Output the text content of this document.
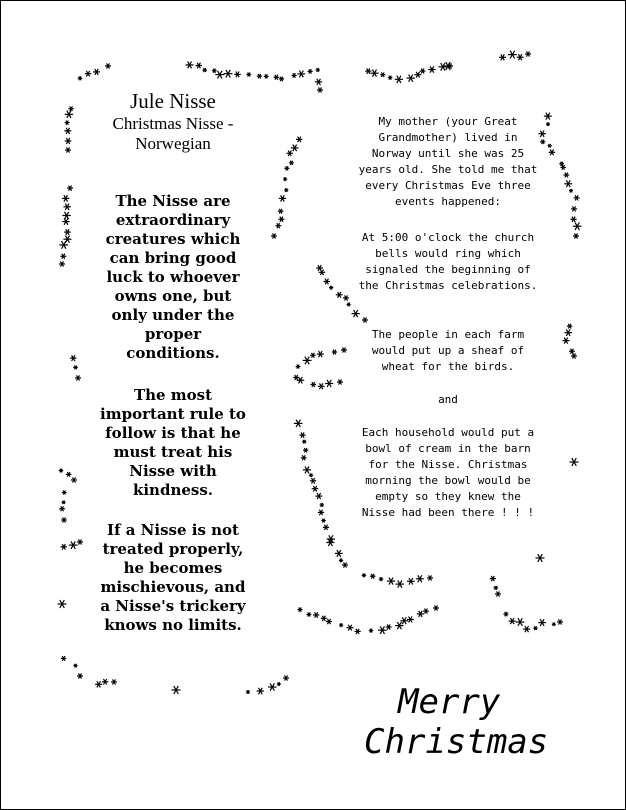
Jule Nisse
Christmas Nisse - Norwegian
The Nisse are extraordinary creatures which can bring good luck to whoever owns one, but only under the proper conditions.
The most important rule to follow is that he must treat his Nisse with kindness.
If a Nisse is not treated properly, he becomes mischievous, and a Nisse's trickery knows no limits.
My mother (your Great Grandmother) lived in Norway until she was 25 years old. She told me that every Christmas Eve three events happened:
At 5:00 o'clock the church bells would ring which signaled the beginning of the Christmas celebrations.
The people in each farm would put up a sheaf of wheat for the birds.
and
Each household would put a bowl of cream in the barn for the Nisse. Christmas morning the bowl would be empty so they knew the Nisse had been there ! ! !
Merry
Christmas
